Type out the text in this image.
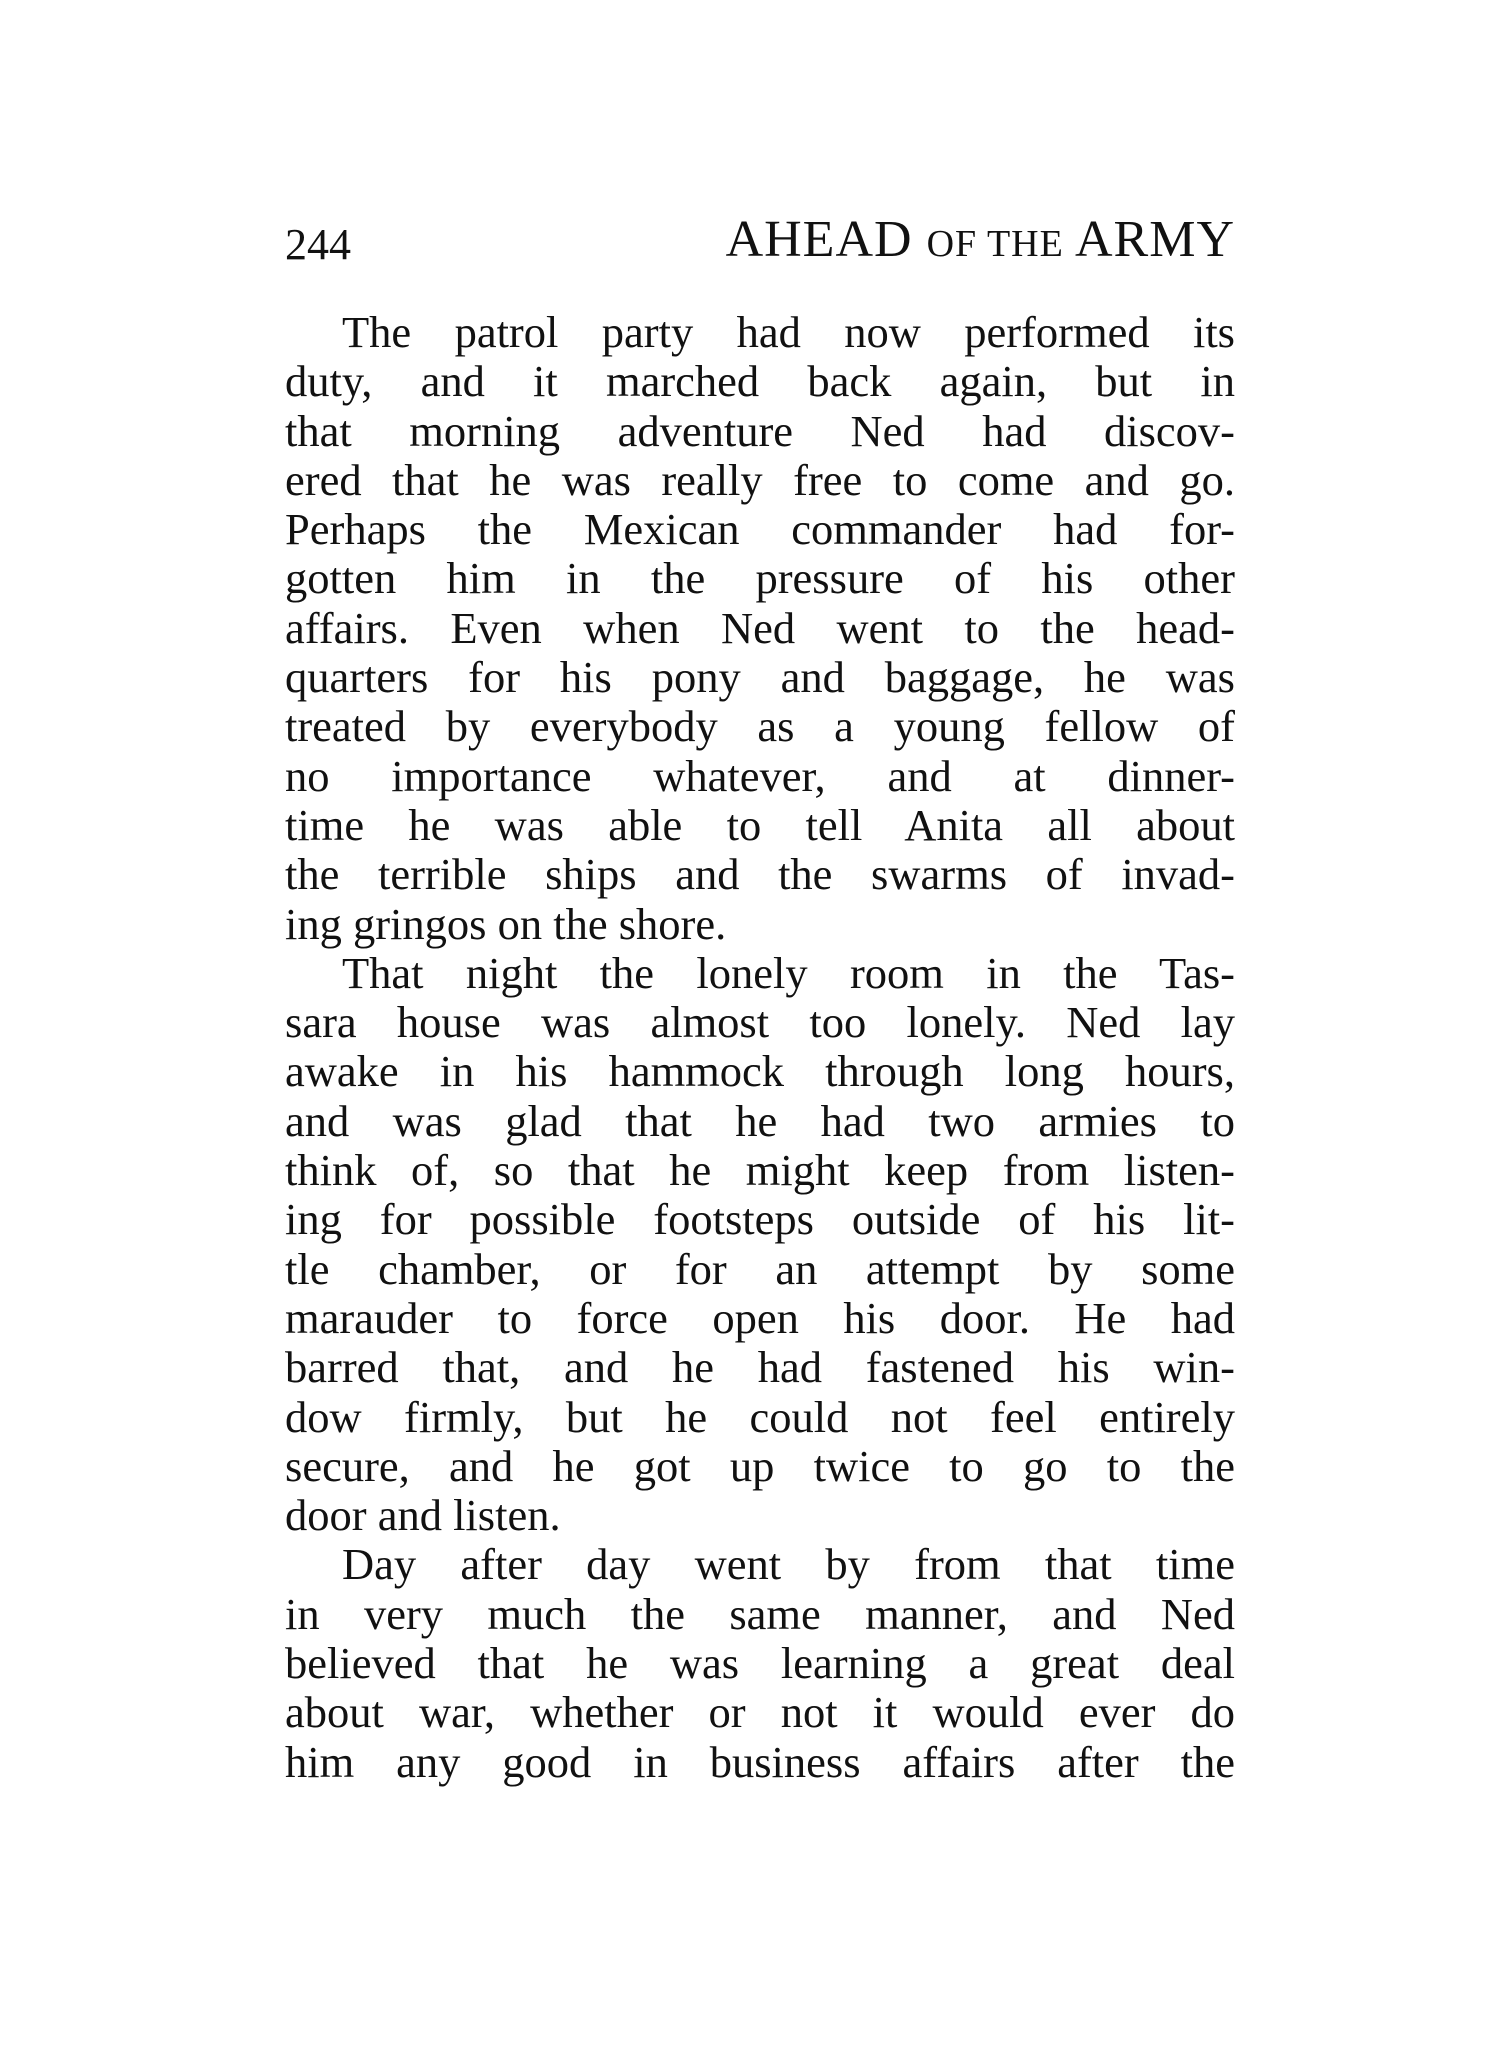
244	AHEAD OF THE ARMY
The patrol party had now performed its
duty, and it marched back again, but in
that morning adventure Ned had discov-
ered that he was really free to come and go.
Perhaps the Mexican commander had for-
gotten him in the pressure of his other
affairs. Even when Ned went to the head-
quarters for his pony and baggage, he was
treated by everybody as a young fellow of
no importance whatever, and at dinner-
time he was able to tell Anita all about
the terrible ships and the swarms of invad-
ing gringos on the shore.
That night the lonely room in the Tas-
sara house was almost too lonely. Ned lay
awake in his hammock through long hours,
and was glad that he had two armies to
think of, so that he might keep from listen-
ing for possible footsteps outside of his lit-
tle chamber, or for an attempt by some
marauder to force open his door. He had
barred that, and he had fastened his win-
dow firmly, but he could not feel entirely
secure, and he got up twice to go to the
door and listen.
Day after day went by from that time
in very much the same manner, and Ned
believed that he was learning a great deal
about war, whether or not it would ever do
him any good in business affairs after the
